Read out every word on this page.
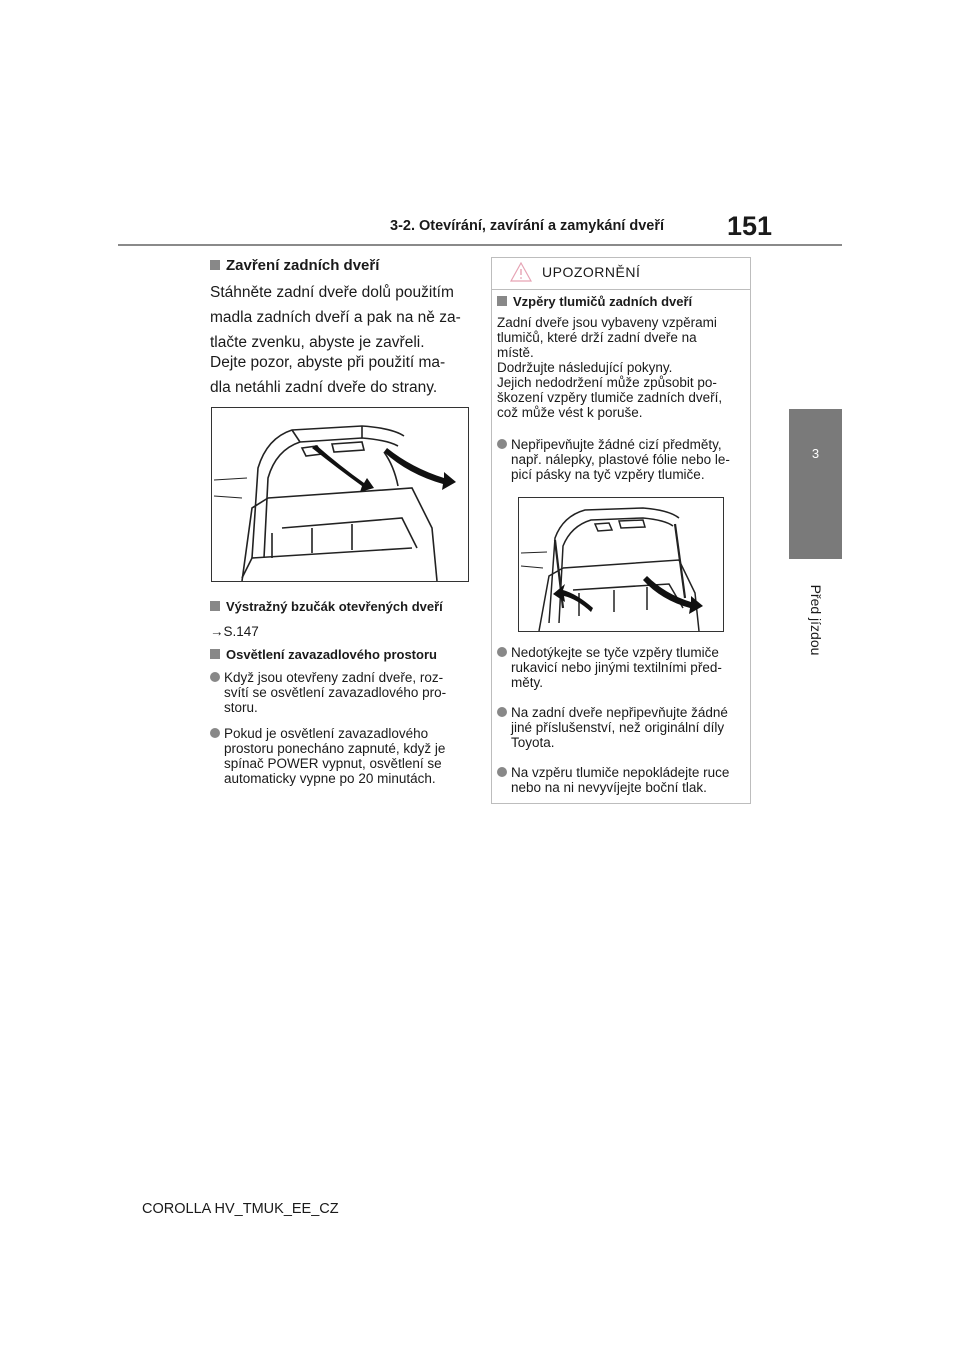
3-2. Otevírání, zavírání a zamykání dveří 151
3
Před jízdou
Zavření zadních dveří
Stáhněte zadní dveře dolů použitím
madla zadních dveří a pak na ně za-
tlačte zvenku, abyste je zavřeli.
Dejte pozor, abyste při použití ma-
dla netáhli zadní dveře do strany.
Výstražný bzučák otevřených dveří
→S.147
Osvětlení zavazadlového prostoru
Když jsou otevřeny zadní dveře, roz-
svítí se osvětlení zavazadlového pro-
storu.
Pokud je osvětlení zavazadlového
prostoru ponecháno zapnuté, když je
spínač POWER vypnut, osvětlení se
automaticky vypne po 20 minutách.
UPOZORNĚNÍ
Vzpěry tlumičů zadních dveří
Zadní dveře jsou vybaveny vzpěrami
tlumičů, které drží zadní dveře na
místě.
Dodržujte následující pokyny.
Jejich nedodržení může způsobit po-
škození vzpěry tlumiče zadních dveří,
což může vést k poruše.
Nepřipevňujte žádné cizí předměty,
např. nálepky, plastové fólie nebo le-
picí pásky na tyč vzpěry tlumiče.
Nedotýkejte se tyče vzpěry tlumiče
rukavicí nebo jinými textilními před-
měty.
Na zadní dveře nepřipevňujte žádné
jiné příslušenství, než originální díly
Toyota.
Na vzpěru tlumiče nepokládejte ruce
nebo na ni nevyvíjejte boční tlak.
COROLLA HV_TMUK_EE_CZ
